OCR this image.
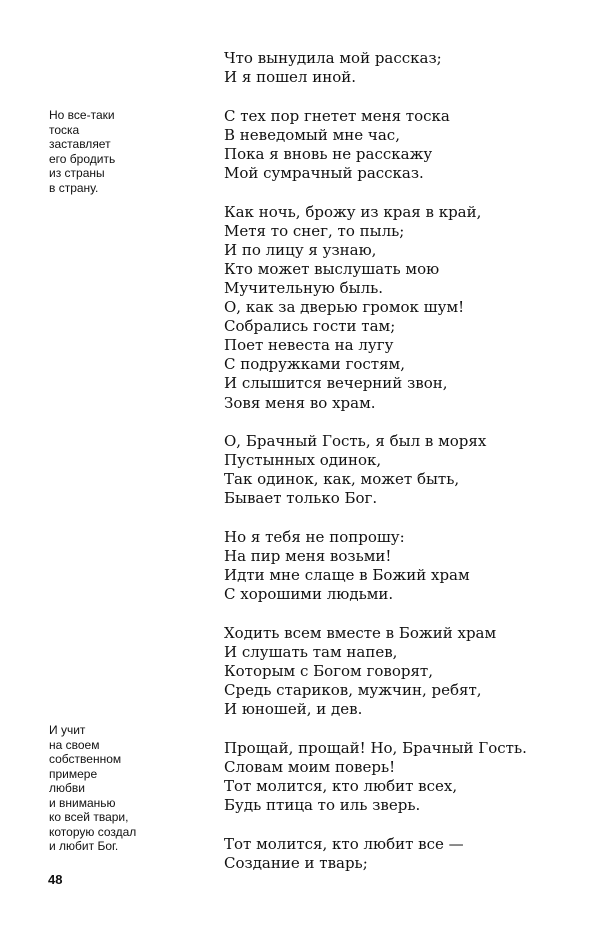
Но все-таки
тоска
заставляет
его бродить
из страны
в страну.
И учит
на своем
собственном
примере
любви
и вниманью
ко всей твари,
которую создал
и любит Бог.
Что вынудила мой рассказ;
И я пошел иной.
С тех пор гнетет меня тоска
В неведомый мне час,
Пока я вновь не расскажу
Мой сумрачный рассказ.
Как ночь, брожу из края в край,
Метя то снег, то пыль;
И по лицу я узнаю,
Кто может выслушать мою
Мучительную быль.
О, как за дверью громок шум!
Собрались гости там;
Поет невеста на лугу
С подружками гостям,
И слышится вечерний звон,
Зовя меня во храм.
О, Брачный Гость, я был в морях
Пустынных одинок,
Так одинок, как, может быть,
Бывает только Бог.
Но я тебя не попрошу:
На пир меня возьми!
Идти мне слаще в Божий храм
С хорошими людьми.
Ходить всем вместе в Божий храм
И слушать там напев,
Которым с Богом говорят,
Средь стариков, мужчин, ребят,
И юношей, и дев.
Прощай, прощай! Но, Брачный Гость.
Словам моим поверь!
Тот молится, кто любит всех,
Будь птица то иль зверь.
Тот молится, кто любит все —
Создание и тварь;
48
